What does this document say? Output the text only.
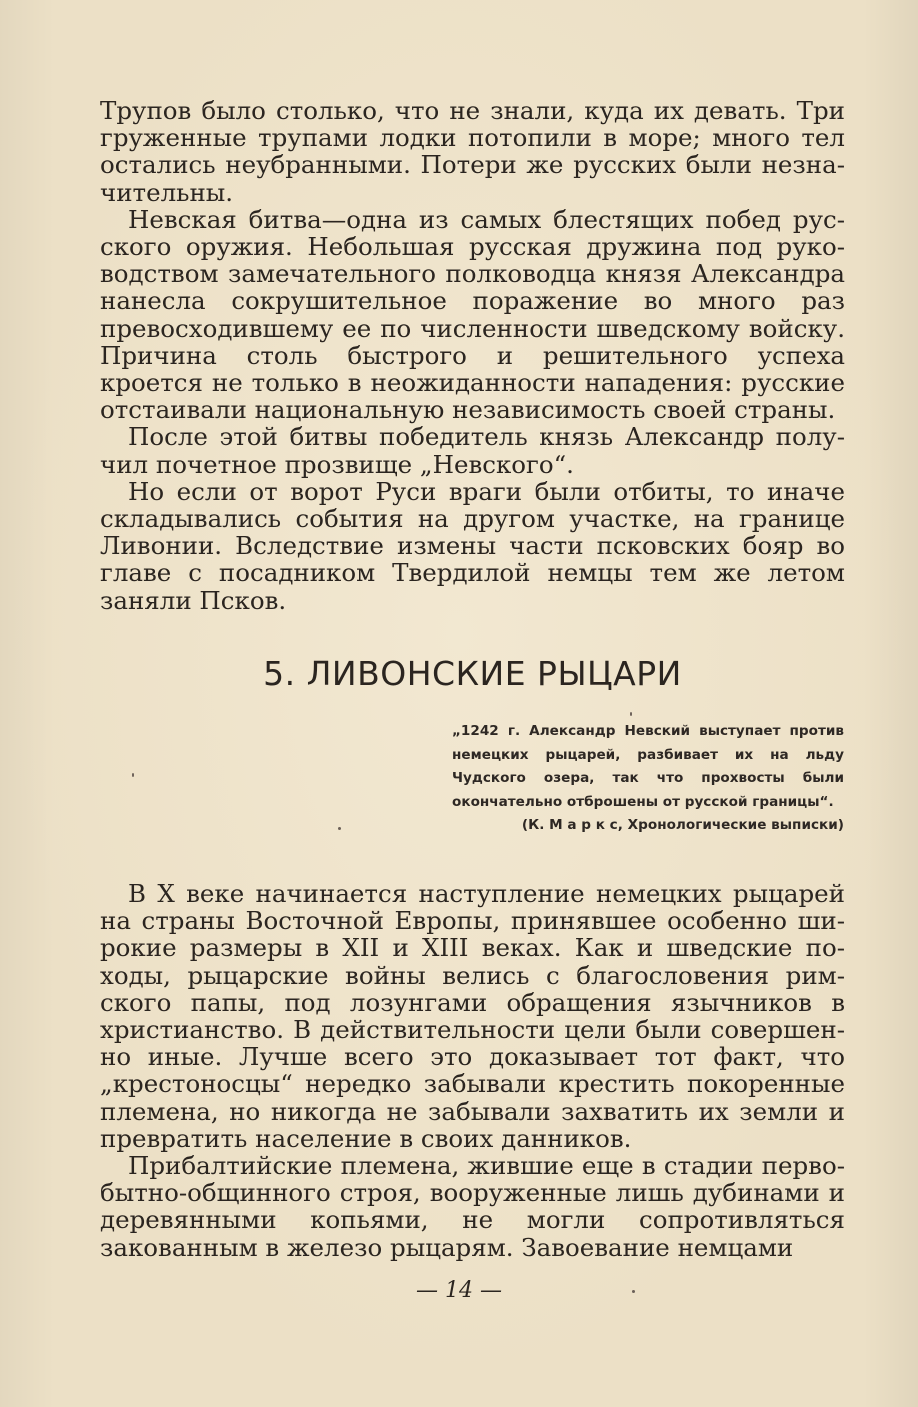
Трупов было столько, что не знали, куда их девать. Три груженные трупами лодки потопили в море; много тел остались неубранными. Потери же русских были незначительны.

Невская битва—одна из самых блестящих побед русского оружия. Небольшая русская дружина под руководством замечательного полководца князя Александра нанесла сокрушительное поражение во много раз превосходившему ее по численности шведскому войску. Причина столь быстрого и решительного успеха кроется не только в неожиданности нападения: русские отстаивали национальную независимость своей страны.

После этой битвы победитель князь Александр получил почетное прозвище „Невского“.

Но если от ворот Руси враги были отбиты, то иначе складывались события на другом участке, на границе Ливонии. Вследствие измены части псковских бояр во главе с посадником Твердилой немцы тем же летом заняли Псков.

5. ЛИВОНСКИЕ РЫЦАРИ

„1242 г. Александр Невский выступает против немецких рыцарей, разбивает их на льду Чудского озера, так что прохвосты были окончательно отброшены от русской границы“.

(К. М а р к с, Хронологические выписки)

В X веке начинается наступление немецких рыцарей на страны Восточной Европы, принявшее особенно широкие размеры в XII и XIII веках. Как и шведские походы, рыцарские войны велись с благословения римского папы, под лозунгами обращения язычников в христианство. В действительности цели были совершенно иные. Лучше всего это доказывает тот факт, что „крестоносцы“ нередко забывали крестить покоренные племена, но никогда не забывали захватить их земли и превратить население в своих данников.

Прибалтийские племена, жившие еще в стадии первобытно-общинного строя, вооруженные лишь дубинами и деревянными копьями, не могли сопротивляться закованным в железо рыцарям. Завоевание немцами

— 14 —
